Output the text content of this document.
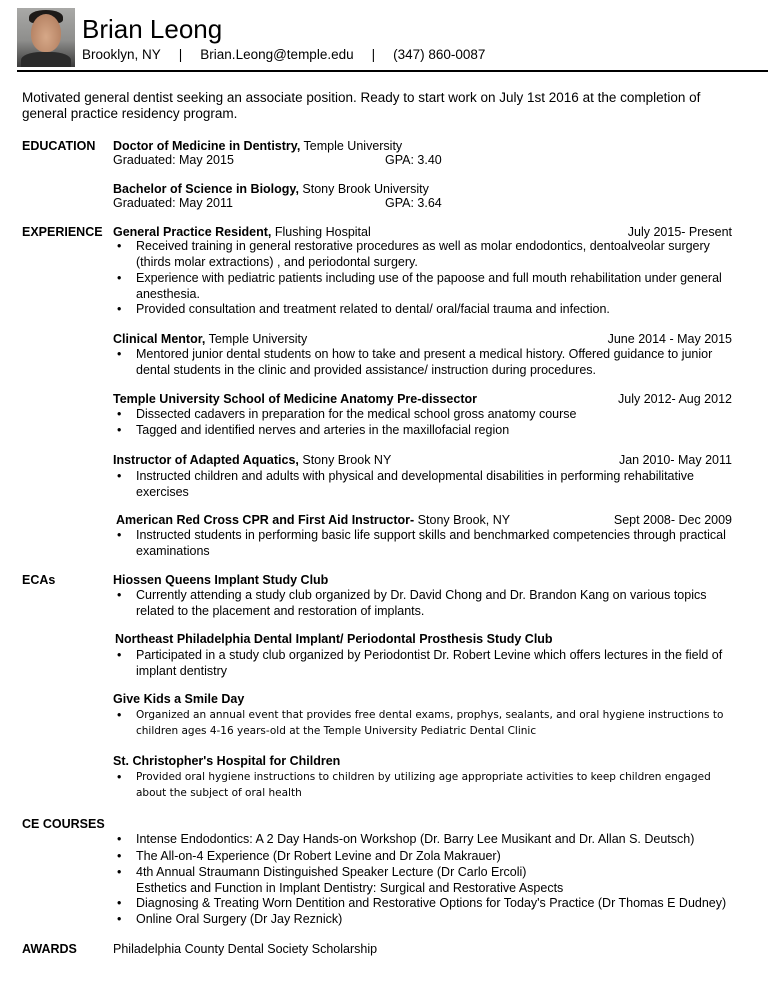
Brian Leong
Brooklyn, NY | Brian.Leong@temple.edu | (347) 860-0087
Motivated general dentist seeking an associate position. Ready to start work on July 1st 2016 at the completion of general practice residency program.
EDUCATION Doctor of Medicine in Dentistry, Temple University
Graduated: May 2015	GPA: 3.40
Bachelor of Science in Biology, Stony Brook University
Graduated: May 2011	GPA: 3.64
EXPERIENCE General Practice Resident, Flushing Hospital	July 2015- Present
• Received training in general restorative procedures as well as molar endodontics, dentoalveolar surgery (thirds molar extractions) , and periodontal surgery.
• Experience with pediatric patients including use of the papoose and full mouth rehabilitation under general anesthesia.
• Provided consultation and treatment related to dental/ oral/facial trauma and infection.
Clinical Mentor, Temple University	June 2014 - May 2015
• Mentored junior dental students on how to take and present a medical history. Offered guidance to junior dental students in the clinic and provided assistance/ instruction during procedures.
Temple University School of Medicine Anatomy Pre-dissector	July 2012- Aug 2012
• Dissected cadavers in preparation for the medical school gross anatomy course
• Tagged and identified nerves and arteries in the maxillofacial region
Instructor of Adapted Aquatics, Stony Brook NY	Jan 2010- May 2011
• Instructed children and adults with physical and developmental disabilities in performing rehabilitative exercises
American Red Cross CPR and First Aid Instructor- Stony Brook, NY	Sept 2008- Dec 2009
• Instructed students in performing basic life support skills and benchmarked competencies through practical examinations
ECAs	Hiossen Queens Implant Study Club
• Currently attending a study club organized by Dr. David Chong and Dr. Brandon Kang on various topics related to the placement and restoration of implants.
Northeast Philadelphia Dental Implant/ Periodontal Prosthesis Study Club
• Participated in a study club organized by Periodontist Dr. Robert Levine which offers lectures in the field of implant dentistry
Give Kids a Smile Day
• Organized an annual event that provides free dental exams, prophys, sealants, and oral hygiene instructions to children ages 4-16 years-old at the Temple University Pediatric Dental Clinic
St. Christopher's Hospital for Children
• Provided oral hygiene instructions to children by utilizing age appropriate activities to keep children engaged about the subject of oral health
CE COURSES
• Intense Endodontics: A 2 Day Hands-on Workshop (Dr. Barry Lee Musikant and Dr. Allan S. Deutsch)
• The All-on-4 Experience (Dr Robert Levine and Dr Zola Makrauer)
• 4th Annual Straumann Distinguished Speaker Lecture (Dr Carlo Ercoli)
Esthetics and Function in Implant Dentistry: Surgical and Restorative Aspects
• Diagnosing & Treating Worn Dentition and Restorative Options for Today's Practice (Dr Thomas E Dudney)
• Online Oral Surgery (Dr Jay Reznick)
AWARDS	Philadelphia County Dental Society Scholarship
